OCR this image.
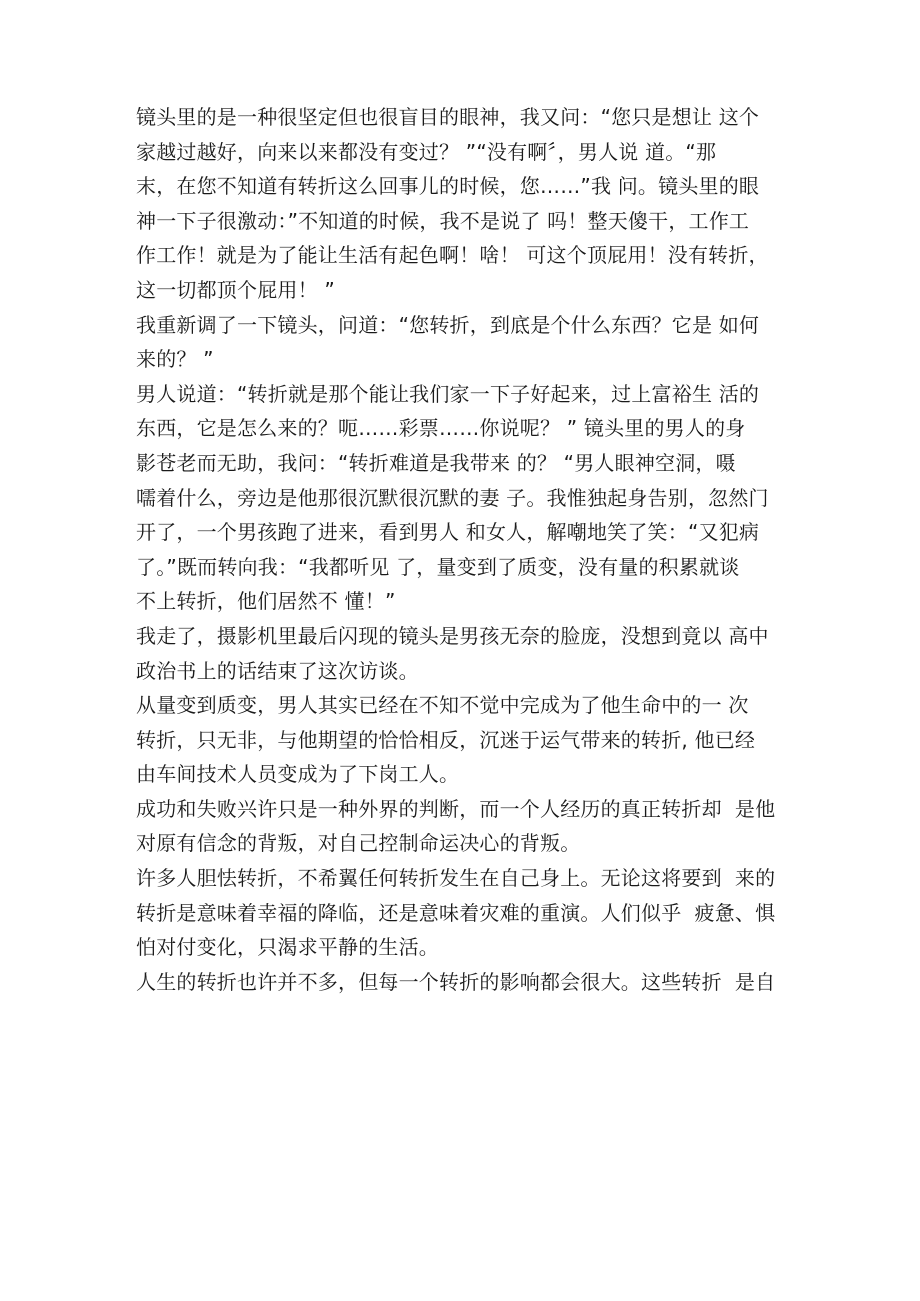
镜头里的是一种很坚定但也很盲目的眼神，我又问：“您只是想让 这个
家越过越好，向来以来都没有变过？ ”“没有啊〞，男人说 道。“那
末，在您不知道有转折这么回事儿的时候，您……”我 问。镜头里的眼
神一下子很激动：”不知道的时候，我不是说了 吗！整天傻干，工作工
作工作！就是为了能让生活有起色啊！啥！ 可这个顶屁用！没有转折，
这一切都顶个屁用！ ”
我重新调了一下镜头，问道：“您转折，到底是个什么东西？它是 如何
来的？ ”
男人说道：“转折就是那个能让我们家一下子好起来，过上富裕生 活的
东西，它是怎么来的？呃……彩票……你说呢？ ” 镜头里的男人的身
影苍老而无助，我问：“转折难道是我带来 的？ “男人眼神空洞，嗫
嚅着什么，旁边是他那很沉默很沉默的妻 子。我惟独起身告别，忽然门
开了，一个男孩跑了进来，看到男人 和女人，解嘲地笑了笑：“又犯病
了。”既而转向我：“我都听见 了，量变到了质变，没有量的积累就谈
不上转折，他们居然不 懂！”
我走了，摄影机里最后闪现的镜头是男孩无奈的脸庞，没想到竟以 高中
政治书上的话结束了这次访谈。
从量变到质变，男人其实已经在不知不觉中完成为了他生命中的一 次
转折，只无非，与他期望的恰恰相反，沉迷于运气带来的转折, 他已经
由车间技术人员变成为了下岗工人。
成功和失败兴许只是一种外界的判断，而一个人经历的真正转折却  是他
对原有信念的背叛，对自己控制命运决心的背叛。
许多人胆怯转折，不希翼任何转折发生在自己身上。无论这将要到  来的
转折是意味着幸福的降临，还是意味着灾难的重演。人们似乎  疲惫、惧
怕对付变化，只渴求平静的生活。
人生的转折也许并不多，但每一个转折的影响都会很大。这些转折  是自
